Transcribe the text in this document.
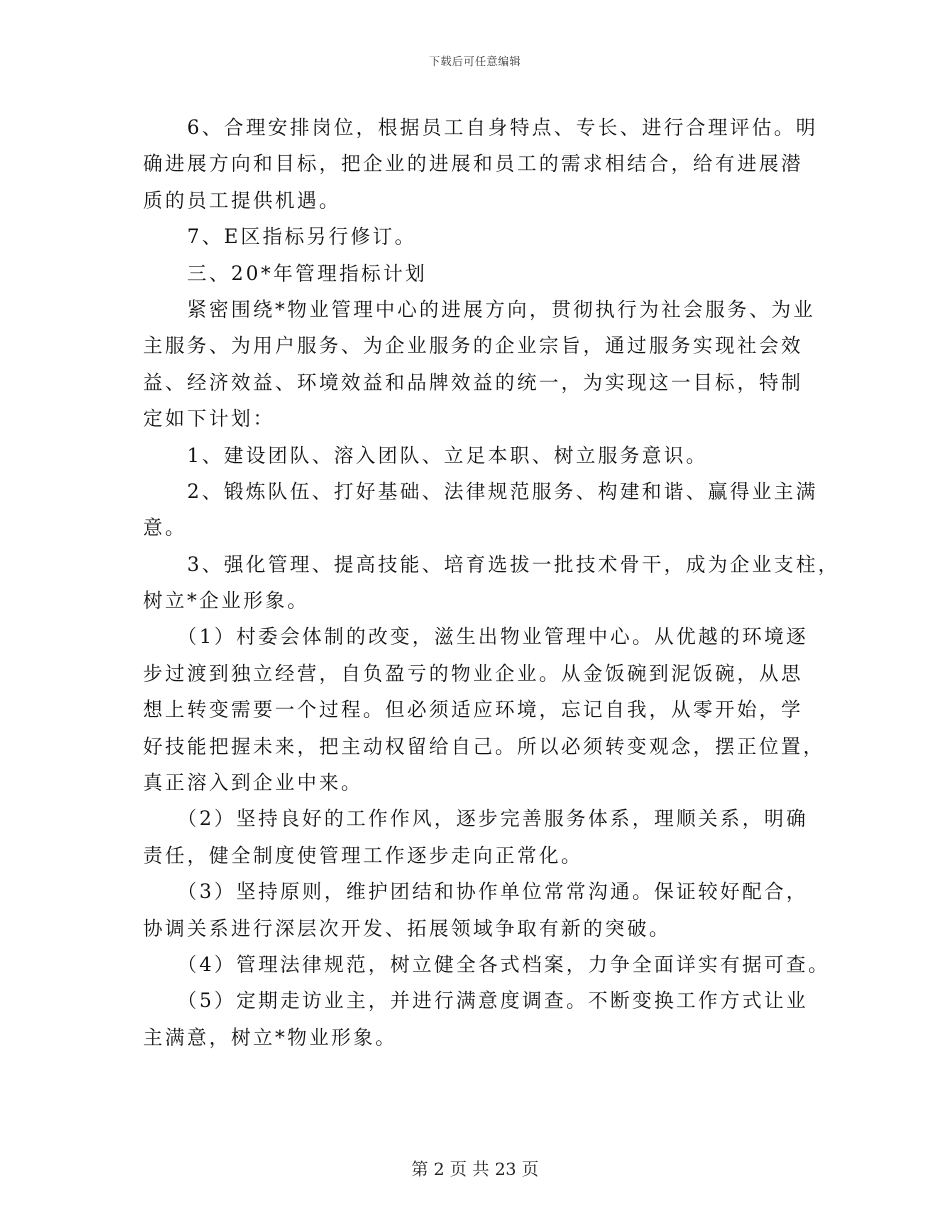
下载后可任意编辑
　　6、合理安排岗位，根据员工自身特点、专长、进行合理评估。明
确进展方向和目标，把企业的进展和员工的需求相结合，给有进展潜
质的员工提供机遇。
　　7、E区指标另行修订。
　　三、20*年管理指标计划
　　紧密围绕*物业管理中心的进展方向，贯彻执行为社会服务、为业
主服务、为用户服务、为企业服务的企业宗旨，通过服务实现社会效
益、经济效益、环境效益和品牌效益的统一，为实现这一目标，特制
定如下计划：
　　1、建设团队、溶入团队、立足本职、树立服务意识。
　　2、锻炼队伍、打好基础、法律规范服务、构建和谐、赢得业主满
意。
　　3、强化管理、提高技能、培育选拔一批技术骨干，成为企业支柱，
树立*企业形象。
　　（1）村委会体制的改变，滋生出物业管理中心。从优越的环境逐
步过渡到独立经营，自负盈亏的物业企业。从金饭碗到泥饭碗，从思
想上转变需要一个过程。但必须适应环境，忘记自我，从零开始，学
好技能把握未来，把主动权留给自己。所以必须转变观念，摆正位置，
真正溶入到企业中来。
　　（2）坚持良好的工作作风，逐步完善服务体系，理顺关系，明确
责任，健全制度使管理工作逐步走向正常化。
　　（3）坚持原则，维护团结和协作单位常常沟通。保证较好配合，
协调关系进行深层次开发、拓展领域争取有新的突破。
　　（4）管理法律规范，树立健全各式档案，力争全面详实有据可查。
　　（5）定期走访业主，并进行满意度调查。不断变换工作方式让业
主满意，树立*物业形象。
第 2 页 共 23 页
